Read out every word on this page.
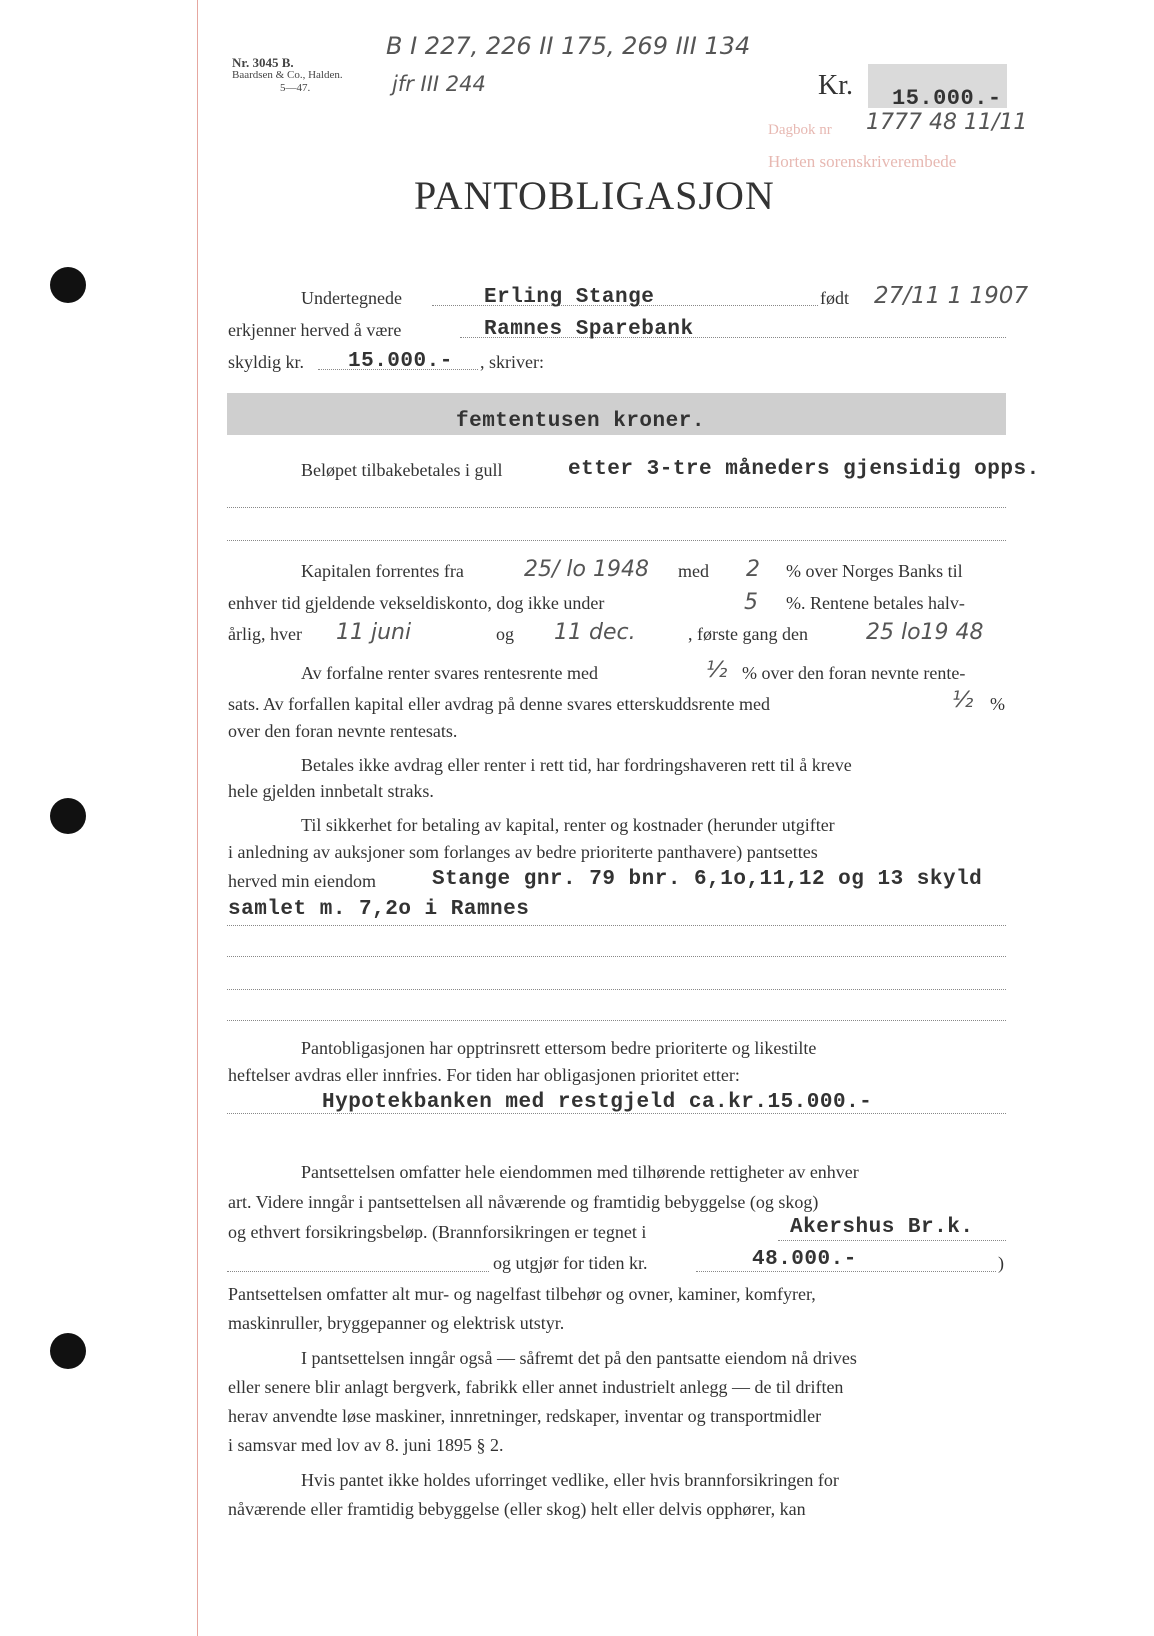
Nr. 3045 B.
Baardsen & Co., Halden.
5—47.
B I 227, 226 II 175, 269 III 134
jfr III 244	Kr. 15.000.-
Dagbok nr
Horten sorenskriverembede
1777 48 11/11
PANTOBLIGASJON
Undertegnede	Erling Stange	født 27/11 1 1907
erkjenner herved å være	Ramnes Sparebank
skyldig kr. 15.000.- , skriver:
femtentusen kroner.
Beløpet tilbakebetales i gull	etter 3-tre måneders gjensidig opps.
Kapitalen forrentes fra	25/ lo 1948 med 2 % over Norges Banks til
enhver tid gjeldende vekseldiskonto, dog ikke under	5 %. Rentene betales halv-
årlig, hver 11 juni	og 11 dec.	, første gang den	25 lo19 48
Av forfalne renter svares rentesrente med	½ % over den foran nevnte rente-
sats. Av forfallen kapital eller avdrag på denne svares etterskuddsrente med	½ %
over den foran nevnte rentesats.
Betales ikke avdrag eller renter i rett tid, har fordringshaveren rett til å kreve
hele gjelden innbetalt straks.
Til sikkerhet for betaling av kapital, renter og kostnader (herunder utgifter
i anledning av auksjoner som forlanges av bedre prioriterte panthavere) pantsettes
herved min eiendom	Stange gnr. 79 bnr. 6,1o,11,12 og 13 skyld
samlet m. 7,2o i Ramnes
Pantobligasjonen har opptrinsrett ettersom bedre prioriterte og likestilte
heftelser avdras eller innfries. For tiden har obligasjonen prioritet etter:
Hypotekbanken med restgjeld ca.kr.15.000.-
Pantsettelsen omfatter hele eiendommen med tilhørende rettigheter av enhver
art. Videre inngår i pantsettelsen all nåværende og framtidig bebyggelse (og skog)
og ethvert forsikringsbeløp. (Brannforsikringen er tegnet i	Akershus Br.k.
og utgjør for tiden kr.	48.000.-	)
Pantsettelsen omfatter alt mur- og nagelfast tilbehør og ovner, kaminer, komfyrer,
maskinruller, bryggepanner og elektrisk utstyr.
I pantsettelsen inngår også — såfremt det på den pantsatte eiendom nå drives
eller senere blir anlagt bergverk, fabrikk eller annet industrielt anlegg — de til driften
herav anvendte løse maskiner, innretninger, redskaper, inventar og transportmidler
i samsvar med lov av 8. juni 1895 § 2.
Hvis pantet ikke holdes uforringet vedlike, eller hvis brannforsikringen for
nåværende eller framtidig bebyggelse (eller skog) helt eller delvis opphører, kan
